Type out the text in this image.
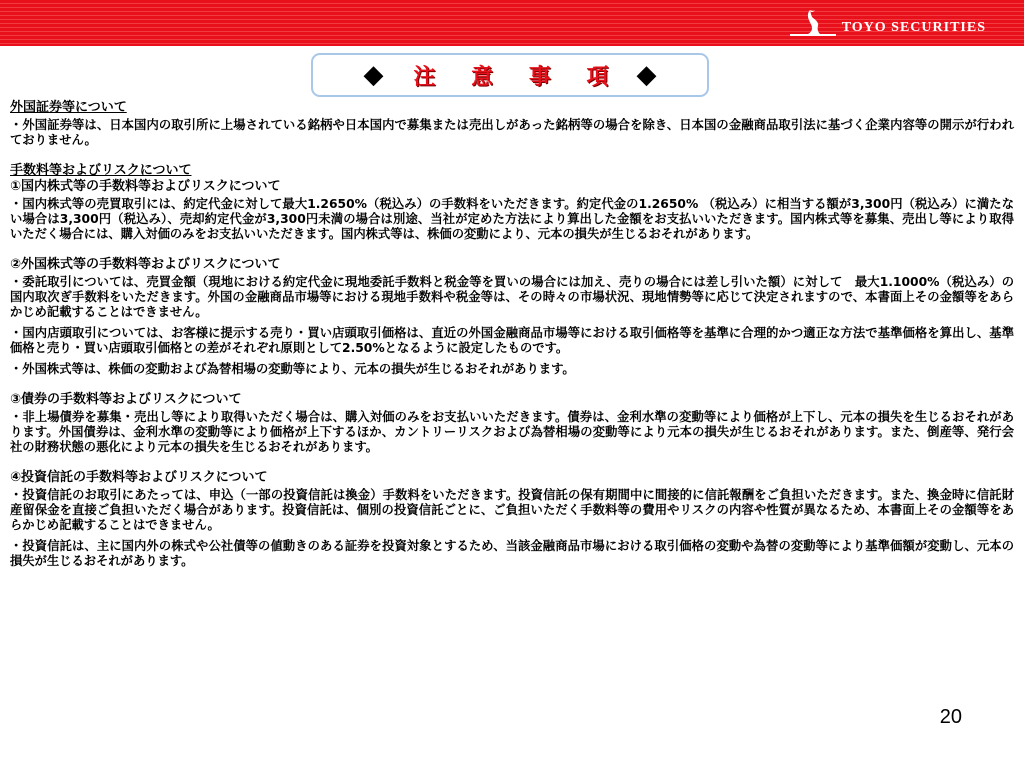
TOYO SECURITIES
◆ 注 意 事 項 ◆

外国証券等について

・外国証券等は、日本国内の取引所に上場されている銘柄や日本国内で募集または売出しがあった銘柄等の場合を除き、日本国の金融商品取引法に基づく企業内容等の開示が行われておりません。

手数料等およびリスクについて

①国内株式等の手数料等およびリスクについて

・国内株式等の売買取引には、約定代金に対して最大1.2650%（税込み）の手数料をいただきます。約定代金の1.2650% （税込み）に相当する額が3,300円（税込み）に満たない場合は3,300円（税込み）、売却約定代金が3,300円未満の場合は別途、当社が定めた方法により算出した金額をお支払いいただきます。国内株式等を募集、売出し等により取得いただく場合には、購入対価のみをお支払いいただきます。国内株式等は、株価の変動により、元本の損失が生じるおそれがあります。

②外国株式等の手数料等およびリスクについて

・委託取引については、売買金額（現地における約定代金に現地委託手数料と税金等を買いの場合には加え、売りの場合には差し引いた額）に対して　最大1.1000%（税込み）の国内取次ぎ手数料をいただきます。外国の金融商品市場等における現地手数料や税金等は、その時々の市場状況、現地情勢等に応じて決定されますので、本書面上その金額等をあらかじめ記載することはできません。

・国内店頭取引については、お客様に提示する売り・買い店頭取引価格は、直近の外国金融商品市場等における取引価格等を基準に合理的かつ適正な方法で基準価格を算出し、基準価格と売り・買い店頭取引価格との差がそれぞれ原則として2.50%となるように設定したものです。

・外国株式等は、株価の変動および為替相場の変動等により、元本の損失が生じるおそれがあります。

③債券の手数料等およびリスクについて

・非上場債券を募集・売出し等により取得いただく場合は、購入対価のみをお支払いいただきます。債券は、金利水準の変動等により価格が上下し、元本の損失を生じるおそれがあります。外国債券は、金利水準の変動等により価格が上下するほか、カントリーリスクおよび為替相場の変動等により元本の損失が生じるおそれがあります。また、倒産等、発行会社の財務状態の悪化により元本の損失を生じるおそれがあります。

④投資信託の手数料等およびリスクについて

・投資信託のお取引にあたっては、申込（一部の投資信託は換金）手数料をいただきます。投資信託の保有期間中に間接的に信託報酬をご負担いただきます。また、換金時に信託財産留保金を直接ご負担いただく場合があります。投資信託は、個別の投資信託ごとに、ご負担いただく手数料等の費用やリスクの内容や性質が異なるため、本書面上その金額等をあらかじめ記載することはできません。

・投資信託は、主に国内外の株式や公社債等の値動きのある証券を投資対象とするため、当該金融商品市場における取引価格の変動や為替の変動等により基準価額が変動し、元本の損失が生じるおそれがあります。

20
